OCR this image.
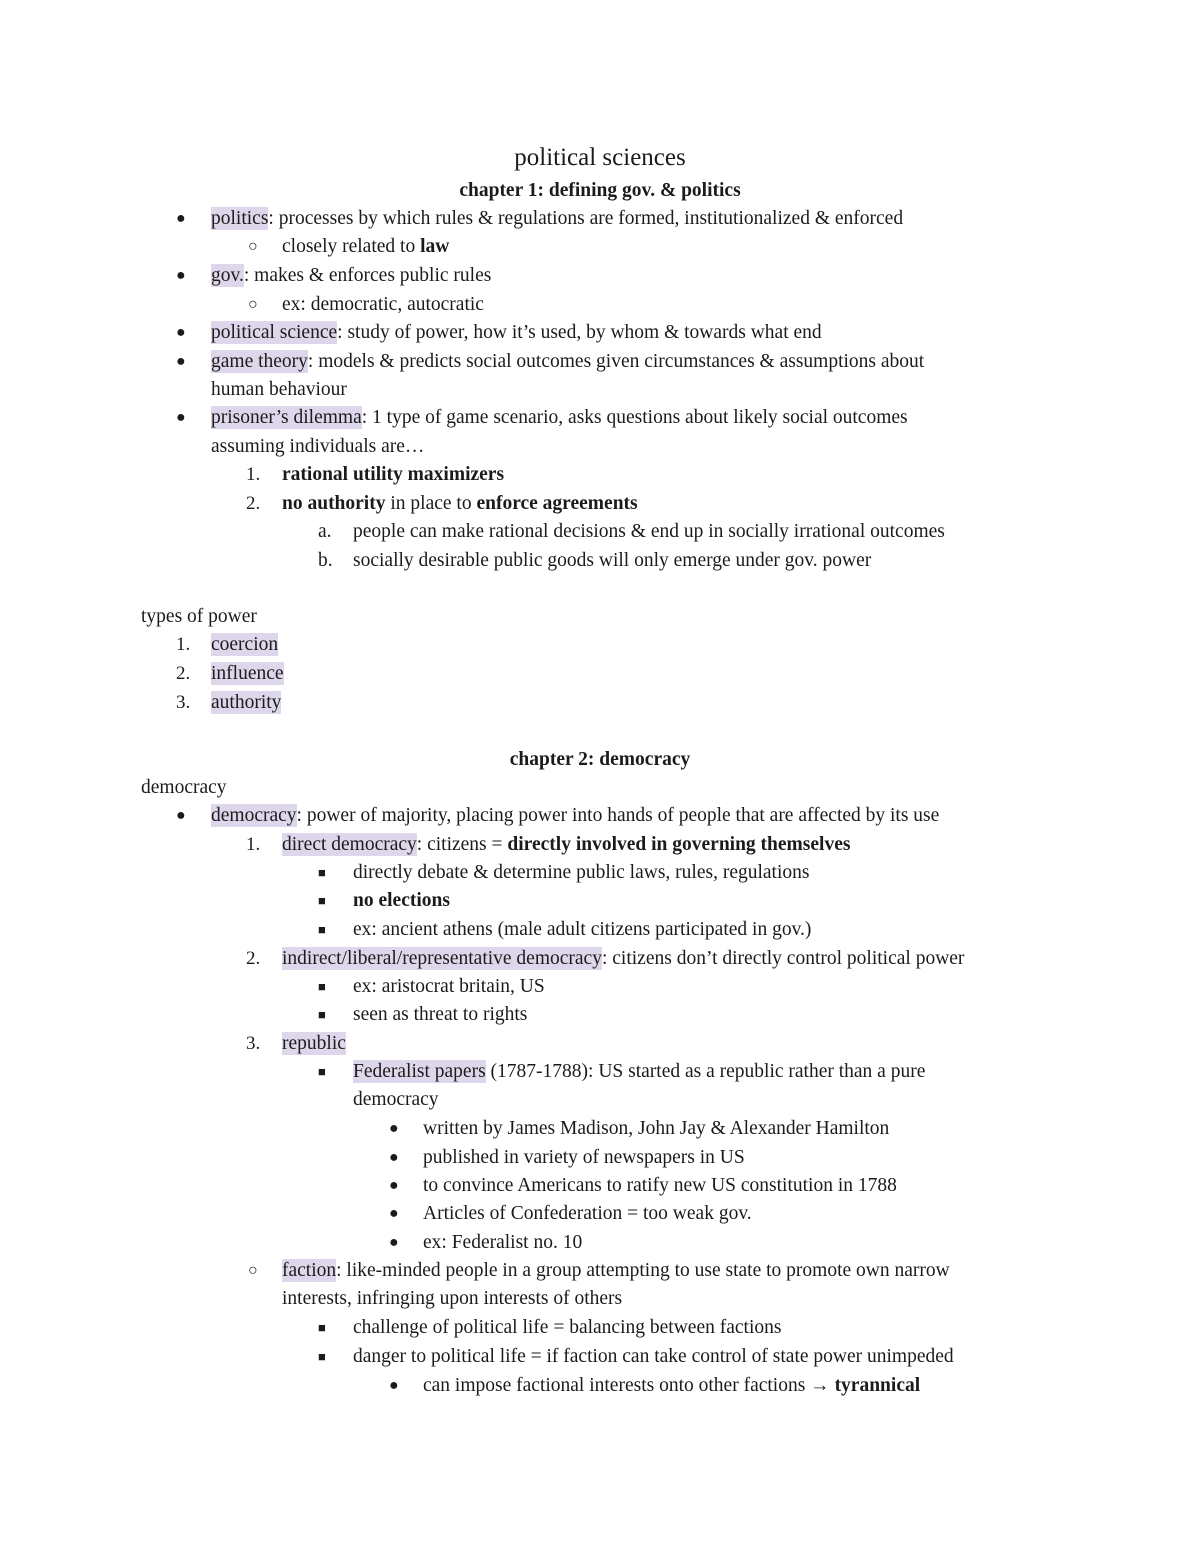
political sciences
chapter 1: defining gov. & politics
● politics: processes by which rules & regulations are formed, institutionalized & enforced
○ closely related to law
● gov.: makes & enforces public rules
○ ex: democratic, autocratic
● political science: study of power, how it’s used, by whom & towards what end
● game theory: models & predicts social outcomes given circumstances & assumptions about
human behaviour
● prisoner’s dilemma: 1 type of game scenario, asks questions about likely social outcomes
assuming individuals are…
1. rational utility maximizers
2. no authority in place to enforce agreements
a. people can make rational decisions & end up in socially irrational outcomes
b. socially desirable public goods will only emerge under gov. power
types of power
1. coercion
2. influence
3. authority
chapter 2: democracy
democracy
● democracy: power of majority, placing power into hands of people that are affected by its use
1. direct democracy: citizens = directly involved in governing themselves
■ directly debate & determine public laws, rules, regulations
■ no elections
■ ex: ancient athens (male adult citizens participated in gov.)
2. indirect/liberal/representative democracy: citizens don’t directly control political power
■ ex: aristocrat britain, US
■ seen as threat to rights
3. republic
■ Federalist papers (1787-1788): US started as a republic rather than a pure
democracy
● written by James Madison, John Jay & Alexander Hamilton
● published in variety of newspapers in US
● to convince Americans to ratify new US constitution in 1788
● Articles of Confederation = too weak gov.
● ex: Federalist no. 10
○ faction: like-minded people in a group attempting to use state to promote own narrow
interests, infringing upon interests of others
■ challenge of political life = balancing between factions
■ danger to political life = if faction can take control of state power unimpeded
● can impose factional interests onto other factions → tyrannical
